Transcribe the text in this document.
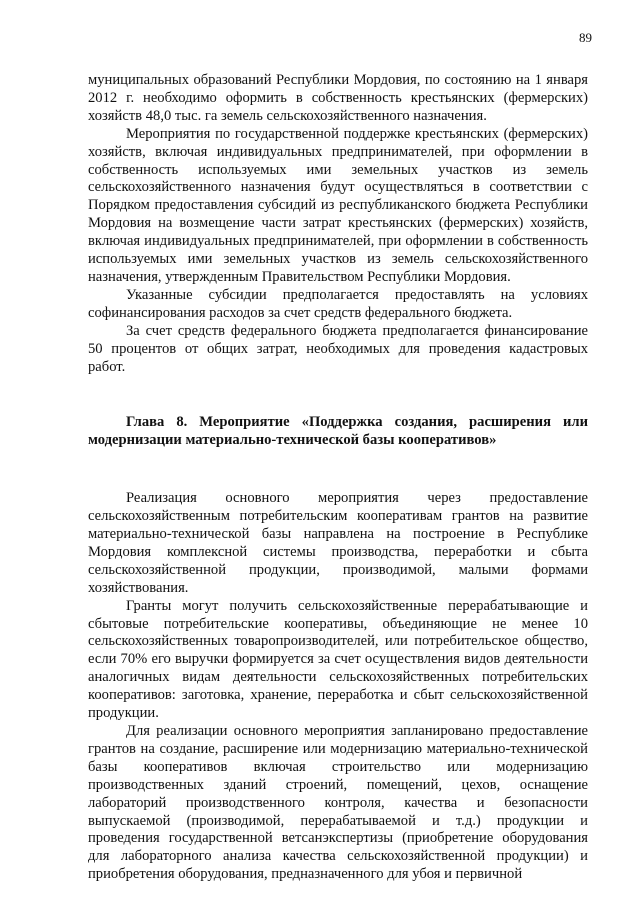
89

муниципальных образований Республики Мордовия, по состоянию на 1 января 2012 г. необходимо оформить в собственность крестьянских (фермерских) хозяйств 48,0 тыс. га земель сельскохозяйственного назначения.

Мероприятия по государственной поддержке крестьянских (фермерских) хозяйств, включая индивидуальных предпринимателей, при оформлении в собственность используемых ими земельных участков из земель сельскохозяйственного назначения будут осуществляться в соответствии с Порядком предоставления субсидий из республиканского бюджета Республики Мордовия на возмещение части затрат крестьянских (фермерских) хозяйств, включая индивидуальных предпринимателей, при оформлении в собственность используемых ими земельных участков из земель сельскохозяйственного назначения, утвержденным Правительством Республики Мордовия.

Указанные субсидии предполагается предоставлять на условиях софинансирования расходов за счет средств федерального бюджета.

За счет средств федерального бюджета предполагается финансирование 50 процентов от общих затрат, необходимых для проведения кадастровых работ.

Глава 8. Мероприятие «Поддержка создания, расширения или модернизации материально-технической базы кооперативов»

Реализация основного мероприятия через предоставление сельскохозяйственным потребительским кооперативам грантов на развитие материально-технической базы направлена на построение в Республике Мордовия комплексной системы производства, переработки и сбыта сельскохозяйственной продукции, производимой, малыми формами хозяйствования.

Гранты могут получить сельскохозяйственные перерабатывающие и сбытовые потребительские кооперативы, объединяющие не менее 10 сельскохозяйственных товаропроизводителей, или потребительское общество, если 70% его выручки формируется за счет осуществления видов деятельности аналогичных видам деятельности сельскохозяйственных потребительских кооперативов: заготовка, хранение, переработка и сбыт сельскохозяйственной продукции.

Для реализации основного мероприятия запланировано предоставление грантов на создание, расширение или модернизацию материально-технической базы кооперативов включая строительство или модернизацию производственных зданий строений, помещений, цехов, оснащение лабораторий производственного контроля, качества и безопасности выпускаемой (производимой, перерабатываемой и т.д.) продукции и проведения государственной ветсанэкспертизы (приобретение оборудования для лабораторного анализа качества сельскохозяйственной продукции) и приобретения оборудования, предназначенного для убоя и первичной
